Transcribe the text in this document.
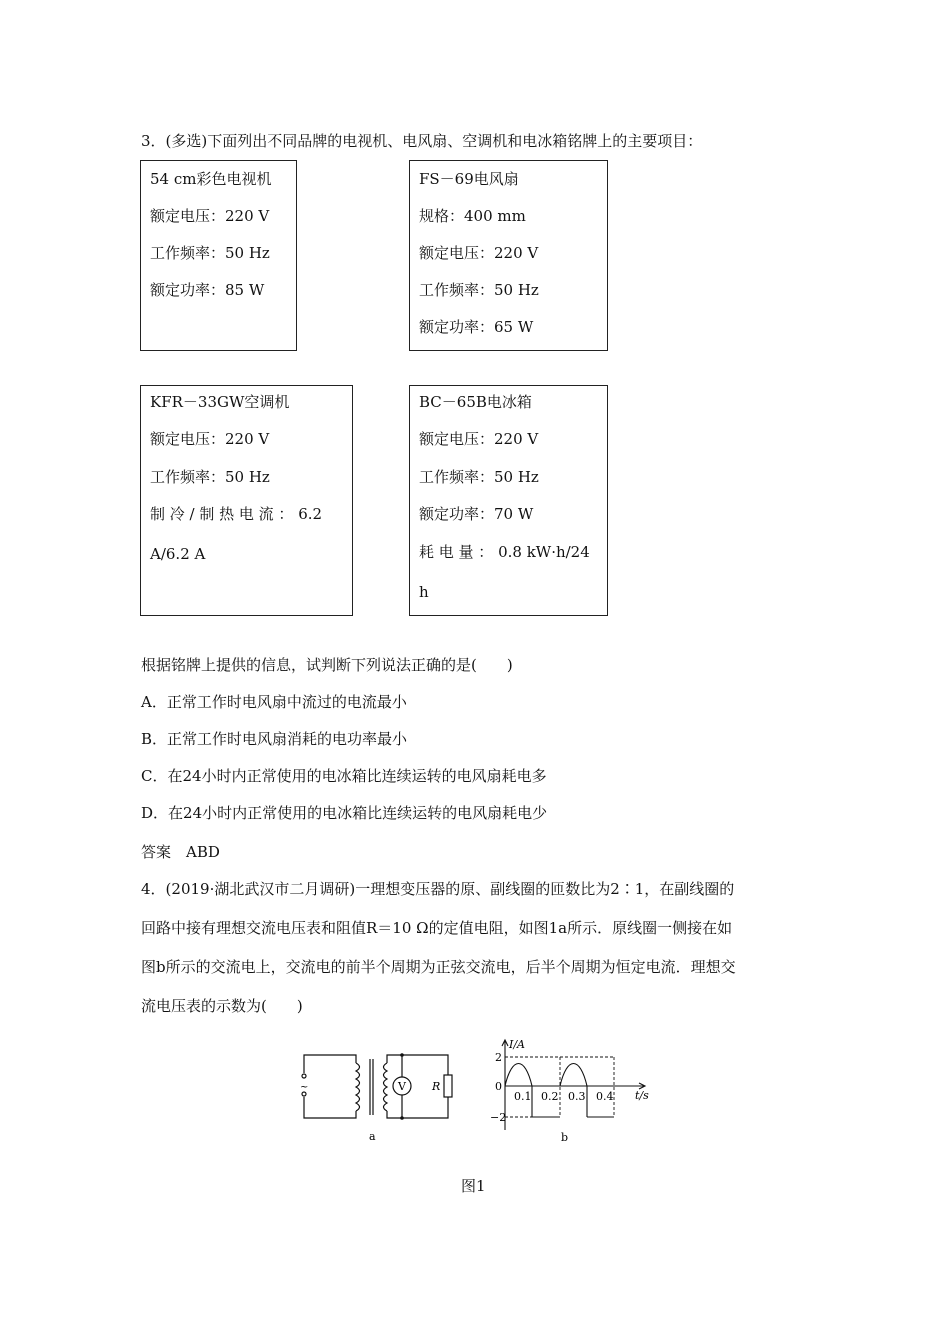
3．(多选)下面列出不同品牌的电视机、电风扇、空调机和电冰箱铭牌上的主要项目：
54 cm彩色电视机
额定电压：220 V
工作频率：50 Hz
额定功率：85 W
FS－69电风扇
规格：400 mm
额定电压：220 V
工作频率：50 Hz
额定功率：65 W
KFR－33GW空调机
额定电压：220 V
工作频率：50 Hz
制 冷 / 制 热 电 流 ： 6.2
A/6.2 A
BC－65B电冰箱
额定电压：220 V
工作频率：50 Hz
额定功率：70 W
耗 电 量 ： 0.8 kW·h/24
h
根据铭牌上提供的信息，试判断下列说法正确的是(　　)
A．正常工作时电风扇中流过的电流最小
B．正常工作时电风扇消耗的电功率最小
C．在24小时内正常使用的电冰箱比连续运转的电风扇耗电多
D．在24小时内正常使用的电冰箱比连续运转的电风扇耗电少
答案　ABD
4．(2019·湖北武汉市二月调研)一理想变压器的原、副线圈的匝数比为2∶1，在副线圈的
回路中接有理想交流电压表和阻值R＝10 Ω的定值电阻，如图1a所示．原线圈一侧接在如
图b所示的交流电上，交流电的前半个周期为正弦交流电，后半个周期为恒定电流．理想交
流电压表的示数为(　　)
~	V R
a
I/A
t/s
2
−2
0
0.1 0.2 0.3 0.4
b
图1
